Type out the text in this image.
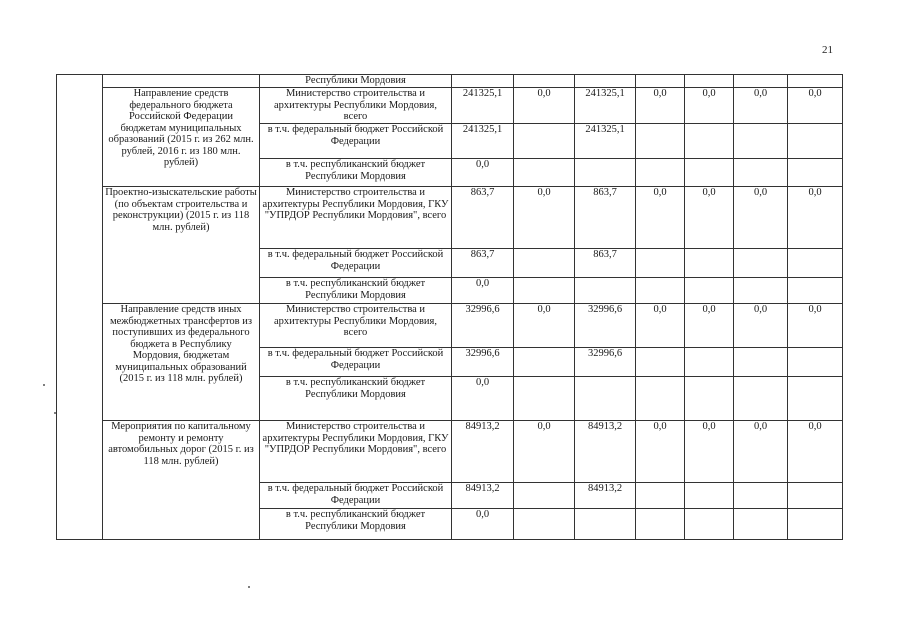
21
		Республики Мордовия							
	Направление средств федерального бюджета Российской Федерации бюджетам муниципальных образований (2015 г. из 262 млн. рублей, 2016 г. из 180 млн. рублей)	Министерство строительства и архитектуры Республики Мордовия, всего	241325,1	0,0	241325,1	0,0	0,0	0,0	0,0
		в т.ч. федеральный бюджет Российской Федерации	241325,1		241325,1				
		в т.ч. республиканский бюджет Республики Мордовия	0,0						
	Проектно-изыскательские работы (по объектам строительства и реконструкции) (2015 г. из 118 млн. рублей)	Министерство строительства и архитектуры Республики Мордовия, ГКУ "УПРДОР Республики Мордовия", всего	863,7	0,0	863,7	0,0	0,0	0,0	0,0
		в т.ч. федеральный бюджет Российской Федерации	863,7		863,7				
		в т.ч. республиканский бюджет Республики Мордовия	0,0						
	Направление средств иных межбюджетных трансфертов из поступивших из федерального бюджета в Республику Мордовия, бюджетам муниципальных образований (2015 г. из 118 млн. рублей)	Министерство строительства и архитектуры Республики Мордовия, всего	32996,6	0,0	32996,6	0,0	0,0	0,0	0,0
		в т.ч. федеральный бюджет Российской Федерации	32996,6		32996,6				
		в т.ч. республиканский бюджет Республики Мордовия	0,0						
	Мероприятия по капитальному ремонту и ремонту автомобильных дорог (2015 г. из 118 млн. рублей)	Министерство строительства и архитектуры Республики Мордовия, ГКУ "УПРДОР Республики Мордовия", всего	84913,2	0,0	84913,2	0,0	0,0	0,0	0,0
		в т.ч. федеральный бюджет Российской Федерации	84913,2		84913,2				
		в т.ч. республиканский бюджет Республики Мордовия	0,0						
